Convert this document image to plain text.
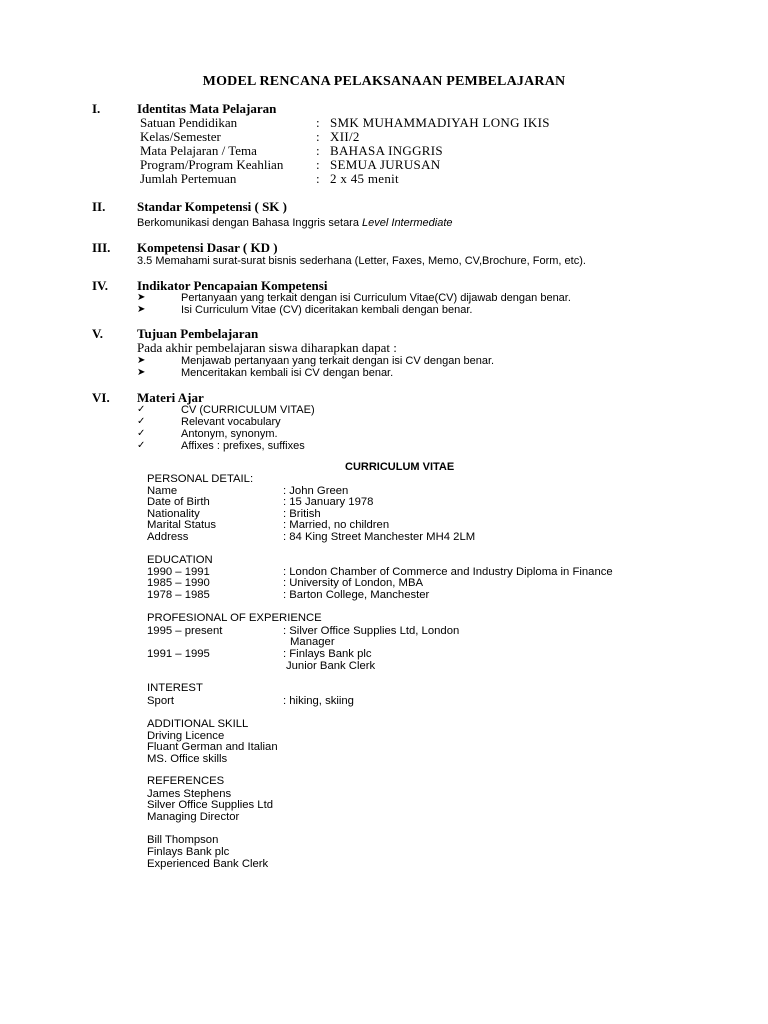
MODEL RENCANA PELAKSANAAN PEMBELAJARAN
I.	Identitas Mata Pelajaran
Satuan Pendidikan	: SMK MUHAMMADIYAH LONG IKIS
Kelas/Semester	: XII/2
Mata Pelajaran / Tema	: BAHASA INGGRIS
Program/Program Keahlian	: SEMUA JURUSAN
Jumlah Pertemuan	: 2 x 45 menit
II. Standar Kompetensi ( SK )
Berkomunikasi dengan Bahasa Inggris setara Level Intermediate
III. Kompetensi Dasar ( KD )
3.5 Memahami surat-surat bisnis sederhana (Letter, Faxes, Memo, CV,Brochure, Form, etc).
IV. Indikator Pencapaian Kompetensi
➤	Pertanyaan yang terkait dengan isi Curriculum Vitae(CV) dijawab dengan benar.
➤	Isi Curriculum Vitae (CV) diceritakan kembali dengan benar.
V.	Tujuan Pembelajaran
Pada akhir pembelajaran siswa diharapkan dapat :
➤	Menjawab pertanyaan yang terkait dengan isi CV dengan benar.
➤	Menceritakan kembali isi CV dengan benar.
VI. Materi Ajar
✓	CV (CURRICULUM VITAE)
✓	Relevant vocabulary
✓	Antonym, synonym.
✓	Affixes : prefixes, suffixes
CURRICULUM VITAE
PERSONAL DETAIL:
Name	: John Green
Date of Birth	: 15 January 1978
Nationality	: British
Marital Status	: Married, no children
Address	: 84 King Street Manchester MH4 2LM
EDUCATION
1990 – 1991	: London Chamber of Commerce and Industry Diploma in Finance
1985 – 1990	: University of London, MBA
1978 – 1985	: Barton College, Manchester
PROFESIONAL OF EXPERIENCE
1995 – present	: Silver Office Supplies Ltd, London
Manager
1991 – 1995	: Finlays Bank plc
Junior Bank Clerk
INTEREST
Sport	: hiking, skiing
ADDITIONAL SKILL
Driving Licence
Fluant German and Italian
MS. Office skills
REFERENCES
James Stephens
Silver Office Supplies Ltd
Managing Director
Bill Thompson
Finlays Bank plc
Experienced Bank Clerk
